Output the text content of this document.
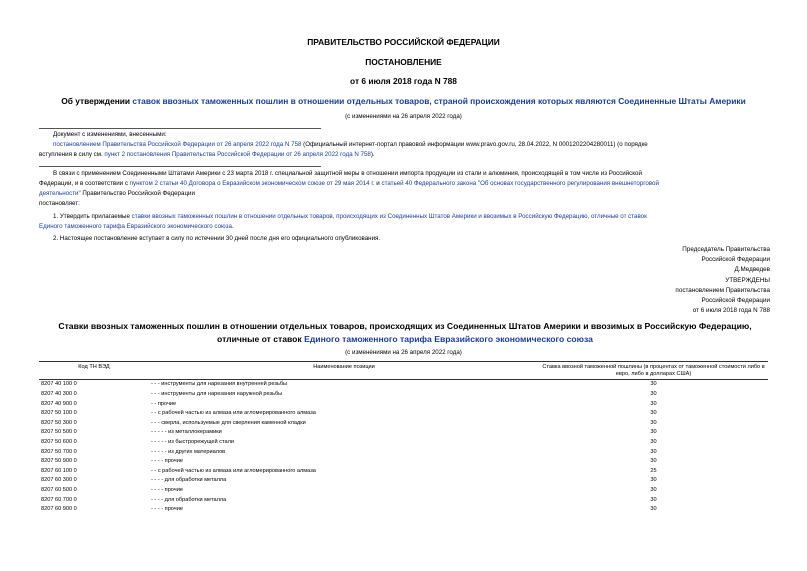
ПРАВИТЕЛЬСТВО РОССИЙСКОЙ ФЕДЕРАЦИИ
ПОСТАНОВЛЕНИЕ
от 6 июля 2018 года N 788
Об утверждении ставок ввозных таможенных пошлин в отношении отдельных товаров, страной происхождения которых являются Соединенные Штаты Америки
(с изменениями на 26 апреля 2022 года)
Документ с изменениями, внесенными:
постановлением Правительства Российской Федерации от 26 апреля 2022 года N 758 (Официальный интернет-портал правовой информации www.pravo.gov.ru, 28.04.2022, N 0001202204280011) (о порядке
вступления в силу см. пункт 2 постановления Правительства Российской Федерации от 26 апреля 2022 года N 758).
В связи с применением Соединенными Штатами Америки с 23 марта 2018 г. специальной защитной меры в отношении импорта продукции из стали и алюминия, происходящей в том числе из Российской
Федерации, и в соответствии с пунктом 2 статьи 40 Договора о Евразийском экономическом союзе от 29 мая 2014 г. и статьей 40 Федерального закона "Об основах государственного регулирования внешнеторговой
деятельности" Правительство Российской Федерации
постановляет:
1. Утвердить прилагаемые ставки ввозных таможенных пошлин в отношении отдельных товаров, происходящих из Соединенных Штатов Америки и ввозимых в Российскую Федерацию, отличные от ставок
Единого таможенного тарифа Евразийского экономического союза.
2. Настоящее постановление вступает в силу по истечении 30 дней после дня его официального опубликования.
Председатель Правительства
Российской Федерации
Д.Медведев
УТВЕРЖДЕНЫ
постановлением Правительства
Российской Федерации
от 6 июля 2018 года N 788
Ставки ввозных таможенных пошлин в отношении отдельных товаров, происходящих из Соединенных Штатов Америки и ввозимых в Российскую Федерацию,
отличные от ставок Единого таможенного тарифа Евразийского экономического союза
(с изменениями на 26 апреля 2022 года)
Код ТН ВЭД	Наименование позиции	Ставка ввозной таможенной пошлины (в процентах от таможенной стоимости либо в евро, либо в долларах США)
8207 40 100 0	- - - инструменты для нарезания внутренней резьбы	30
8207 40 300 0	- - - инструменты для нарезания наружной резьбы	30
8207 40 900 0	- - прочие	30
8207 50 100 0	- - с рабочей частью из алмаза или агломерированного алмаза	30
8207 50 300 0	- - - сверла, используемые для сверления каменной кладки	30
8207 50 500 0	- - - - - из металлокерамики	30
8207 50 600 0	- - - - - из быстрорежущей стали	30
8207 50 700 0	- - - - - из других материалов	30
8207 50 900 0	- - - - прочие	30
8207 60 100 0	- - с рабочей частью из алмаза или агломерированного алмаза	25
8207 60 300 0	- - - - для обработки металла	30
8207 60 500 0	- - - - прочие	30
8207 60 700 0	- - - - для обработки металла	30
8207 60 900 0	- - - - прочие	30
